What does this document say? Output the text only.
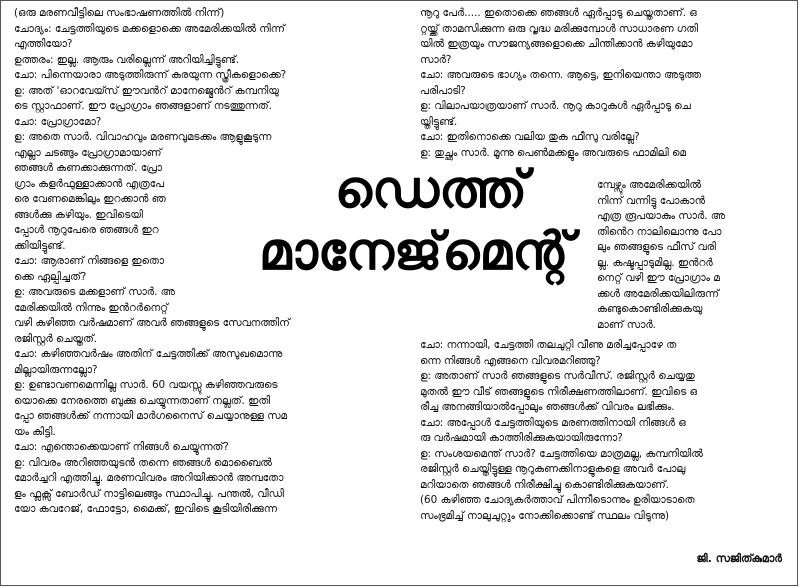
(ഒരു മരണവീട്ടിലെ സംഭാഷണത്തിൽ നിന്ന്)

ചോദ്യം: ചേട്ടത്തിയുടെ മക്കളൊക്കെ അമേരിക്കയിൽ നിന്ന്

എത്തിയോ?

ഉത്തരം: ഇല്ല. ആരും വരില്ലെന്ന് അറിയിച്ചിട്ടുണ്ട്.

ചോ: പിന്നെയാരാ അടുത്തിരുന്ന് കരയുന്ന സ്ത്രീകളൊക്കെ?

ഉ: അത് 'ഓറവേയ്സ് ഈവൻറ് മാനേജ്മെൻറ് കമ്പനിയു

ടെ സ്റ്റാഫാണ്. ഈ പ്രോഗ്രാം ഞങ്ങളാണ് നടത്തുന്നത്.

ചോ: പ്രോഗ്രാമോ?

ഉ: അതെ സാർ. വിവാഹവും മരണവുമടക്കം ആളുകൂടുന്ന

എല്ലാ ചടങ്ങും പ്രോഗ്രാമായാണ്

ഞങ്ങൾ കണക്കാക്കുന്നത്. പ്രോ

ഗ്രാം കളർഫുള്ളാക്കാൻ എത്രപേ

രെ വേണമെങ്കിലും ഇറക്കാൻ ഞ

ങ്ങൾക്കു കഴിയും. ഇവിടെയി

പ്പോൾ നൂറുപേരെ ഞങ്ങൾ ഇറ

ക്കിയിട്ടുണ്ട്.

ചോ: ആരാണ് നിങ്ങളെ ഇതൊ

ക്കെ ഏല്പിച്ചത്?

ഉ: അവരുടെ മക്കളാണ് സാർ. അ

മേരിക്കയിൽ നിന്നും ഇൻറർനെറ്റ്

വഴി കഴിഞ്ഞ വർഷമാണ് അവർ ഞങ്ങളുടെ സേവനത്തിന്

രജിസ്റ്റർ ചെയ്തത്.

ചോ: കഴിഞ്ഞവർഷം അതിന് ചേട്ടത്തിക്ക് അസുഖമൊന്നു

മില്ലായിരുന്നല്ലോ?

ഉ: ഉണ്ടാവണമെന്നില്ല സാർ. 60 വയസ്സു കഴിഞ്ഞവരുടെ

യൊക്കെ നേരത്തെ ബുക്കു ചെയ്യുന്നതാണ് നല്ലത്. ഇതി

പ്പോ ഞങ്ങൾക്ക് നന്നായി മാർഗനൈസ് ചെയ്യാനുള്ള സമ

യം കിട്ടി.

ചോ: എന്തൊക്കെയാണ് നിങ്ങൾ ചെയ്യുന്നത്?

ഉ: വിവരം അറിഞ്ഞയുടൻ തന്നെ ഞങ്ങൾ മൊബൈൽ

മോർച്ചറി എത്തിച്ചു. മരണവിവരം അറിയിക്കാൻ അമ്പതോ

ളം ഫ്ലക്സ് ബോർഡ് നാട്ടിലെങ്ങും സ്ഥാപിച്ചു. പന്തൽ, വീഡി

യോ കവറേജ്, ഫോട്ടോ, മൈക്ക്, ഇവിടെ കൂടിയിരിക്കുന്ന

നൂറു പേർ..... ഇതൊക്കെ ഞങ്ങൾ ഏർപ്പാടു ചെയ്തതാണ്. ഒ

റ്റയ്ക്ക് താമസിക്കുന്ന ഒരു വൃദ്ധ മരിക്കുമ്പോൾ സാധാരണ ഗതി

യിൽ ഇത്രയും സൗജന്യങ്ങളൊക്കെ ചിന്തിക്കാൻ കഴിയുമോ

സാർ?

ചോ: അവരുടെ ഭാഗ്യം തന്നെ. ആട്ടെ, ഇനിയെന്താ അടുത്ത

പരിപാടി?

ഉ: വിലാപയാത്രയാണ് സാർ. നൂറു കാറുകൾ ഏർപ്പാടു ചെ

യ്തിട്ടുണ്ട്.

ചോ: ഇതിനൊക്കെ വലിയ തുക ഫീസു വരില്ലേ?

ഉ: തുച്ഛം സാർ. മൂന്നു പെൺമക്കളും അവരുടെ ഫാമിലി മെ

മ്പേഴ്സും അമേരിക്കയിൽ

നിന്ന് വന്നിട്ടു പോകാൻ

എത്ര രൂപയാകും സാർ. അ

തിൻെറ നാലിലൊന്നു പോ

ലും ഞങ്ങളുടെ ഫീസ് വരി

ല്ല. കഷ്ടപ്പാടുമില്ല. ഇൻറർ

നെറ്റ് വഴി ഈ പ്രോഗ്രാം മ

ക്കൾ അമേരിക്കയിലിരുന്ന്

കണ്ടുകൊണ്ടിരിക്കുകയു

മാണ് സാർ.

ചോ: നന്നായി, ചേട്ടത്തി തലചുറ്റി വീണു മരിച്ചപ്പോഴേ ത

ന്നെ നിങ്ങൾ എങ്ങനെ വിവരമറിഞ്ഞു?

ഉ: അതാണ് സാർ ഞങ്ങളുടെ സർവീസ്. രജിസ്റ്റർ ചെയ്യതു

മുതൽ ഈ വീട് ഞങ്ങളുടെ നിരീക്ഷണത്തിലാണ്. ഇവിടെ ഒ

രീച്ച അനങ്ങിയാൽപ്പോലും ഞങ്ങൾക്ക് വിവരം ലഭിക്കും.

ചോ: അപ്പോൾ ചേട്ടത്തിയുടെ മരണത്തിനായി നിങ്ങൾ ഒ

രു വർഷമായി കാത്തിരിക്കുകയായിരുന്നോ?

ഉ: സംശയമെന്ത് സാർ? ചേട്ടത്തിയെ മാത്രമല്ല, കമ്പനിയിൽ

രജിസ്റ്റർ ചെയ്തിട്ടുള്ള നൂറുകണക്കിനാളുകളെ അവർ പോലു

മറിയാതെ ഞങ്ങൾ നിരീക്ഷിച്ചു കൊണ്ടിരിക്കുകയാണ്.

(60 കഴിഞ്ഞ ചോദ്യകർത്താവ് പിന്നീടൊന്നും ഉരിയാടാതെ

സംഭ്രമിച്ച് നാലുചുറ്റും നോക്കിക്കൊണ്ട് സ്ഥലം വിടുന്നു)

ഡെത്ത്
മാനേജ്‌മെന്റ്
ജി. സജിത്കുമാർ
